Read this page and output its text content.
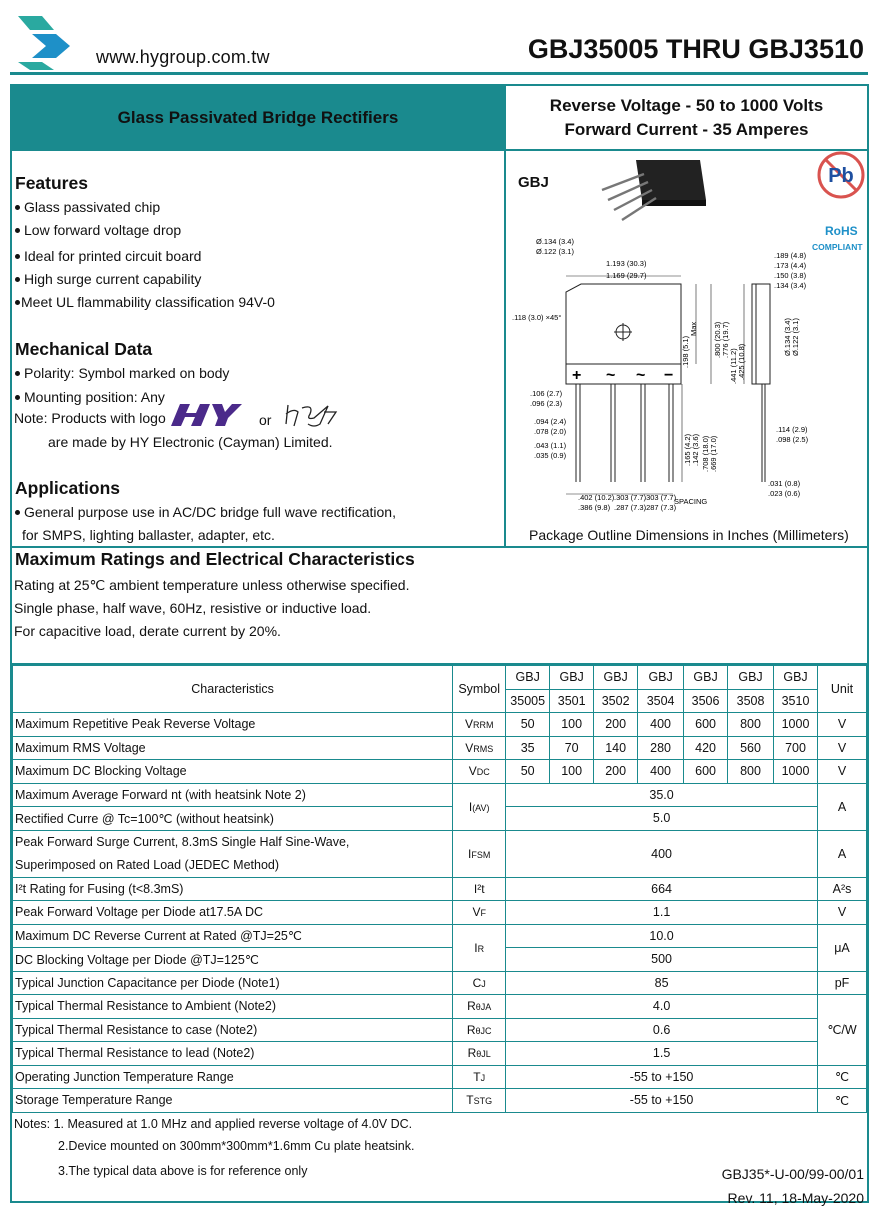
www.hygroup.com.tw	GBJ35005 THRU GBJ3510
Glass Passivated Bridge Rectifiers
Reverse Voltage - 50 to 1000 Volts
Forward Current - 35 Amperes
Features
Glass passivated chip
Low forward voltage drop
Ideal for printed circuit board
High surge current capability
Meet UL flammability classification 94V-0
Mechanical Data
Polarity: Symbol marked on body
Mounting position: Any
Note: Products with logo	or
are made by HY Electronic (Cayman) Limited.
Applications
General purpose use in AC/DC bridge full wave rectification,
for SMPS, lighting ballaster, adapter, etc.
GBJ	Pb
RoHS
COMPLIANT
+ ~ ~ −
Ø.134 (3.4)
Ø.122 (3.1)
1.193 (30.3)
1.169 (29.7)
.118 (3.0) ×45°
.800 (20.3) .776 (19.7)
Max
.198 (5.1)
.189 (4.8)
.173 (4.4)
.150 (3.8)
.134 (3.4)
.441 (11.2) .425 (10.8)
Ø.134 (3.4) Ø.122 (3.1)
.106 (2.7)
.096 (2.3)
.094 (2.4)
.078 (2.0)
.043 (1.1)
.035 (0.9)	.165 (4.2) .142 (3.6) .708 (18.0) .669 (17.0)
.114 (2.9)
.098 (2.5)
.031 (0.8)
.023 (0.6)
.402 (10.2)
.386 (9.8)
.303 (7.7)
.287 (7.3)
.303 (7.7)
.287 (7.3)
SPACING
Package Outline Dimensions in Inches (Millimeters)
Maximum Ratings and Electrical Characteristics
Rating at 25℃ ambient temperature unless otherwise specified.
Single phase, half wave, 60Hz, resistive or inductive load.
For capacitive load, derate current by 20%.
Characteristics	Symbol	GBJ	GBJ	GBJ	GBJ	GBJ	GBJ	GBJ	Unit
		35005	3501	3502	3504	3506	3508	3510	
Maximum Repetitive Peak Reverse Voltage	VRRM	50	100	200	400	600	800	1000	V
Maximum RMS Voltage	VRMS	35	70	140	280	420	560	700	V
Maximum DC Blocking Voltage	VDC	50	100	200	400	600	800	1000	V
Maximum Average Forward nt (with heatsink Note 2)	I(AV)	35.0							A
Rectified Curre @ Tc=100℃ (without heatsink)		5.0							

Peak Forward Surge Current, 8.3mS Single Half Sine-Wave,
Superimposed on Rated Load (JEDEC Method)	IFSM	400							A
I²t Rating for Fusing (t<8.3mS)	I²t	664							A²s
Peak Forward Voltage per Diode at17.5A DC	VF	1.1							V
Maximum DC Reverse Current at Rated @TJ=25℃	IR	10.0							μA
DC Blocking Voltage per Diode @TJ=125℃		500							
Typical Junction Capacitance per Diode (Note1)	CJ	85							pF
Typical Thermal Resistance to Ambient (Note2)	RθJA	4.0							℃/W
Typical Thermal Resistance to case (Note2)	RθJC	0.6							
Typical Thermal Resistance to lead (Note2)	RθJL	1.5							
Operating Junction Temperature Range	TJ	-55 to +150							℃
Storage Temperature Range	TSTG	-55 to +150							℃
Notes: 1. Measured at 1.0 MHz and applied reverse voltage of 4.0V DC.
2.Device mounted on 300mm*300mm*1.6mm Cu plate heatsink.
3.The typical data above is for reference only	GBJ35*-U-00/99-00/01
Rev. 11, 18-May-2020
